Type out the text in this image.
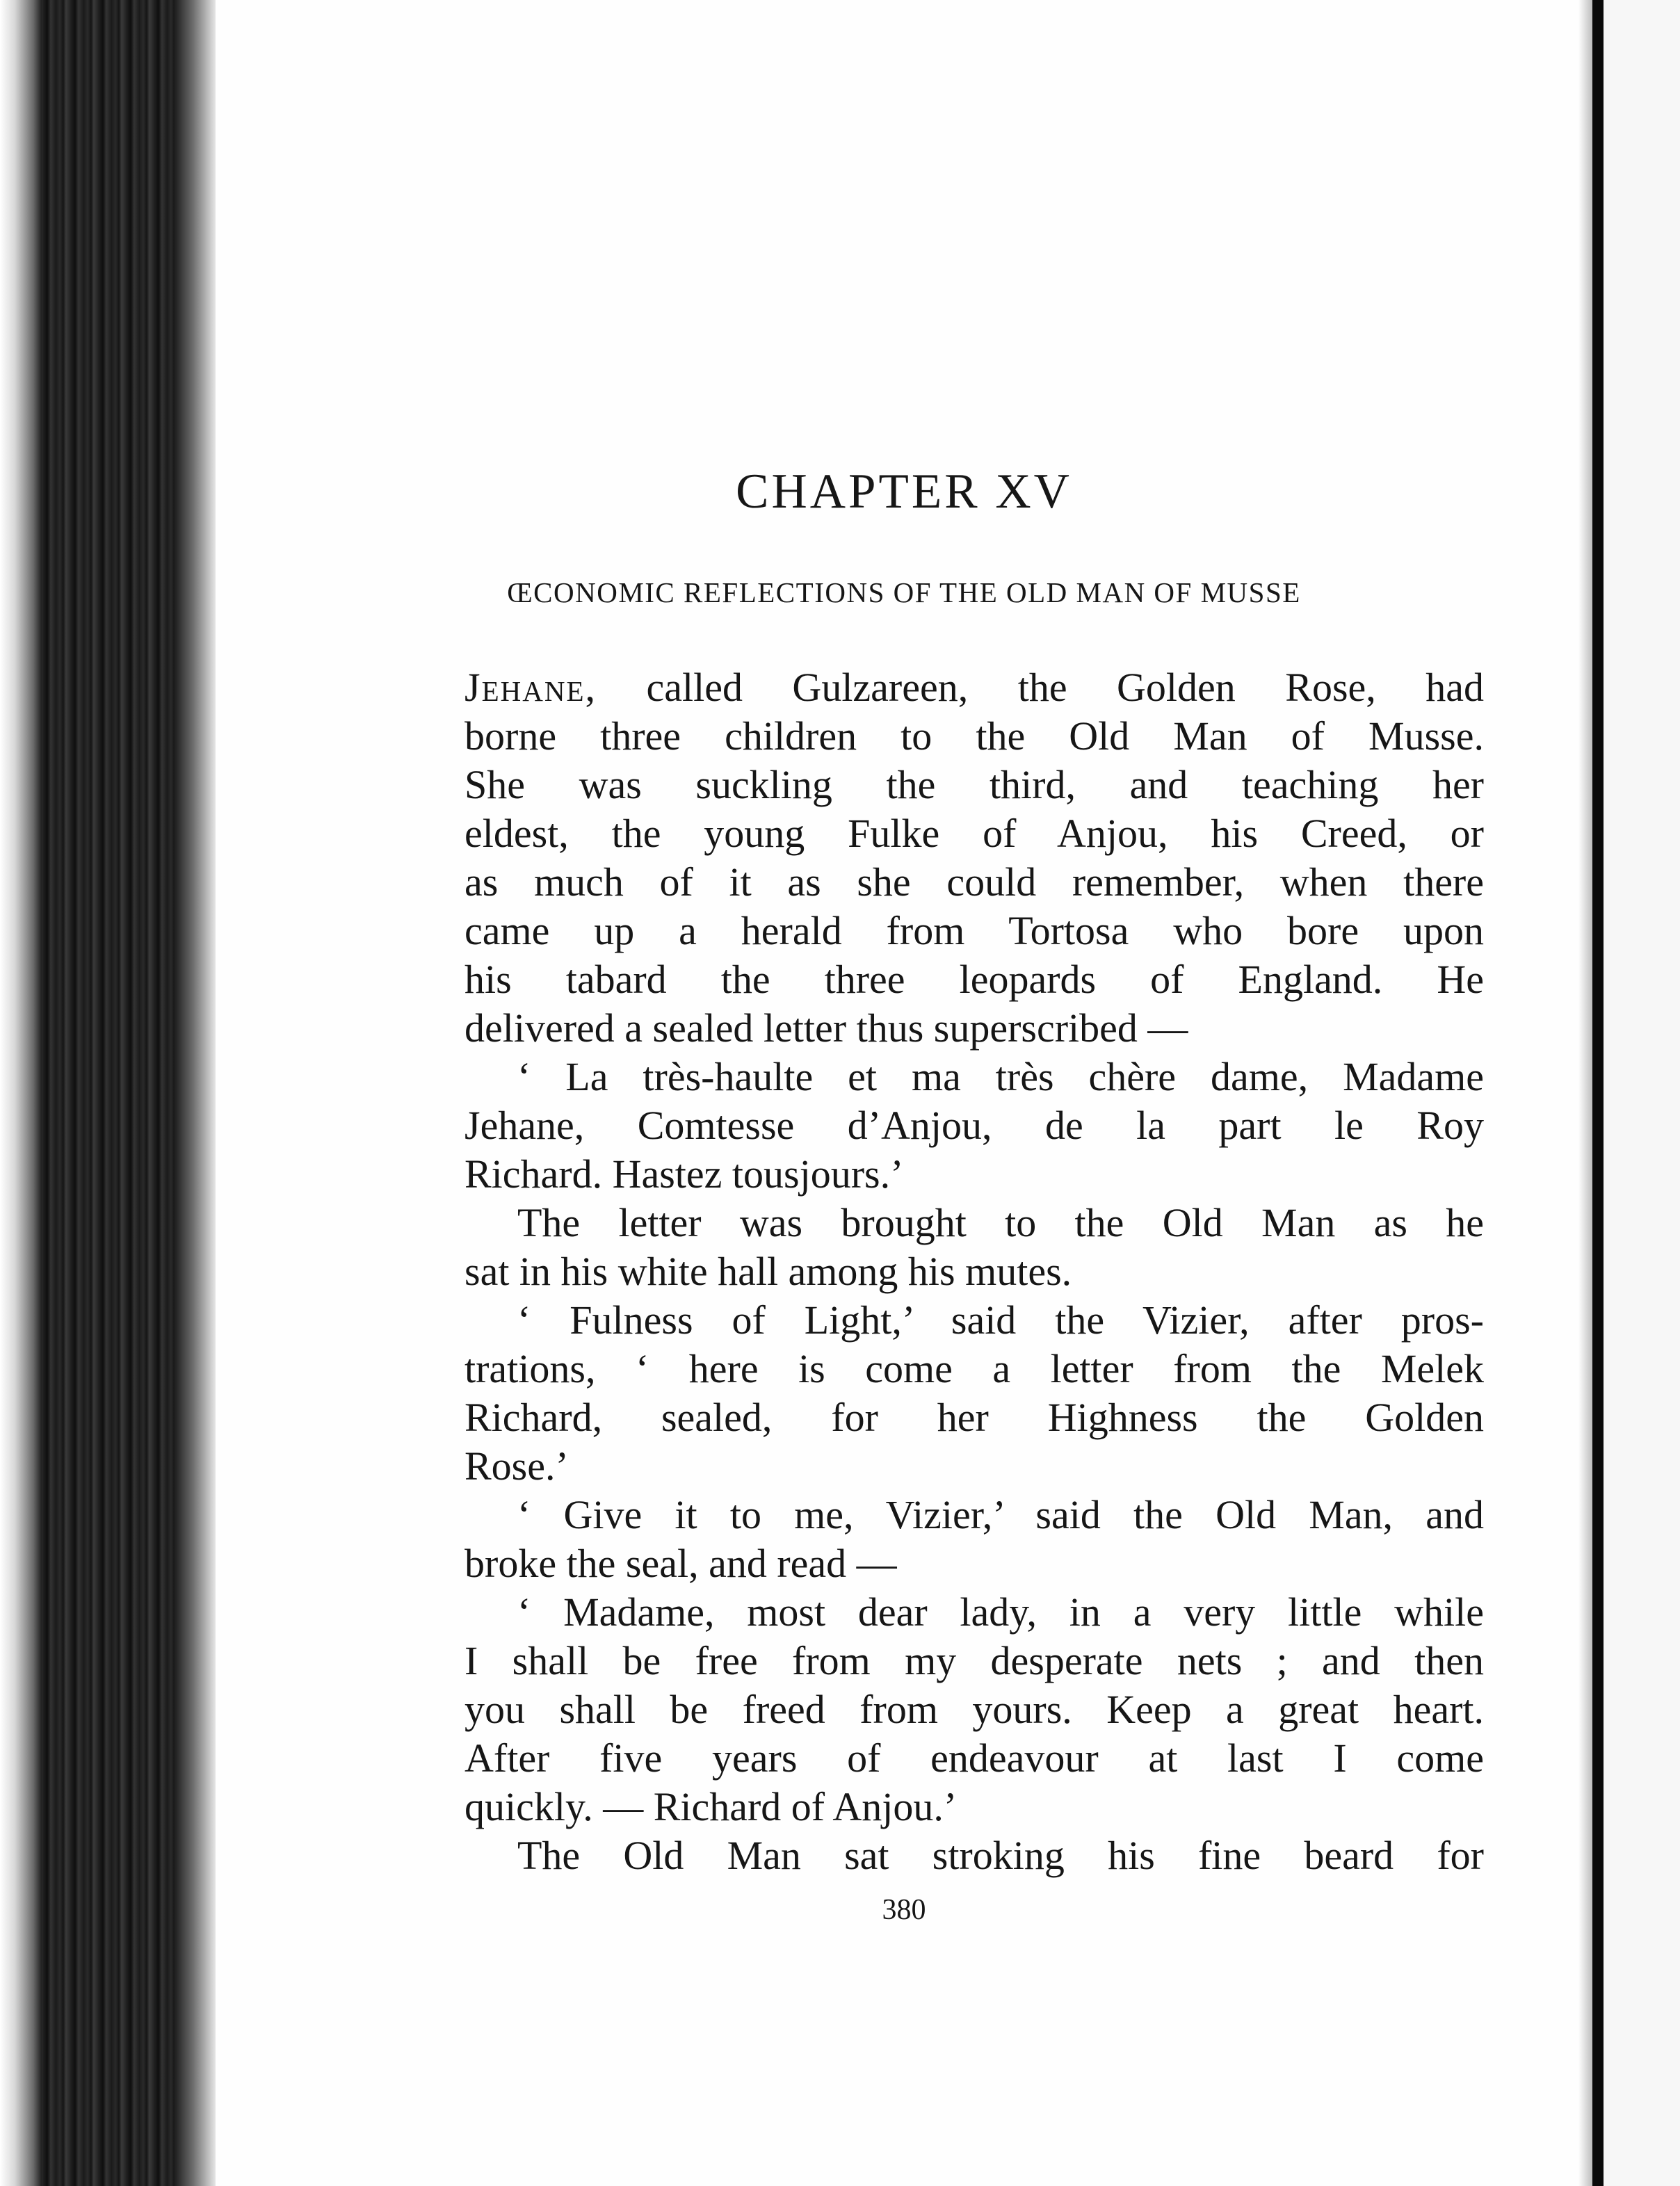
CHAPTER XV
ŒCONOMIC REFLECTIONS OF THE OLD MAN OF MUSSE
Jehane, called Gulzareen, the Golden Rose, had
borne three children to the Old Man of Musse.
She was suckling the third, and teaching her
eldest, the young Fulke of Anjou, his Creed, or
as much of it as she could remember, when there
came up a herald from Tortosa who bore upon
his tabard the three leopards of England. He
delivered a sealed letter thus superscribed —
‘ La très-haulte et ma très chère dame, Madame
Jehane, Comtesse d’Anjou, de la part le Roy
Richard. Hastez tousjours.’
The letter was brought to the Old Man as he
sat in his white hall among his mutes.
‘ Fulness of Light,’ said the Vizier, after pros-
trations, ‘ here is come a letter from the Melek
Richard, sealed, for her Highness the Golden
Rose.’
‘ Give it to me, Vizier,’ said the Old Man, and
broke the seal, and read —
‘ Madame, most dear lady, in a very little while
I shall be free from my desperate nets ; and then
you shall be freed from yours. Keep a great heart.
After five years of endeavour at last I come
quickly. — Richard of Anjou.’
The Old Man sat stroking his fine beard for
380
